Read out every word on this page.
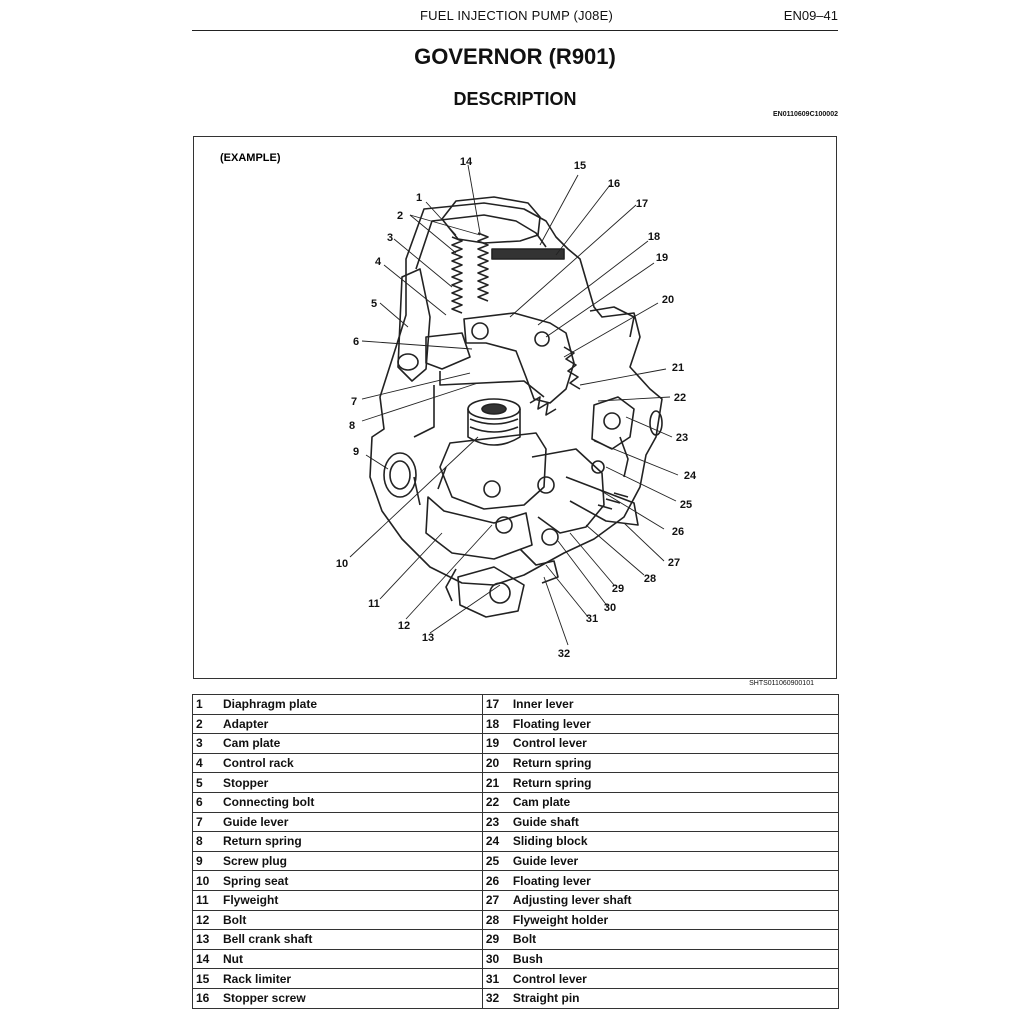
FUEL INJECTION PUMP (J08E)	EN09–41
GOVERNOR (R901)
DESCRIPTION
EN0110609C100002
(EXAMPLE)
1
2
3
4
5
6
7
8
9
10
11
12
13
14	15
16
17
18
19
20
21
22
23
24
25
26
27
28
29
30
31
32
SHTS011060900101
1	Diaphragm plate	17	Inner lever
2	Adapter	18	Floating lever
3	Cam plate	19	Control lever
4	Control rack	20	Return spring
5	Stopper	21	Return spring
6	Connecting bolt	22	Cam plate
7	Guide lever	23	Guide shaft
8	Return spring	24	Sliding block
9	Screw plug	25	Guide lever
10	Spring seat	26	Floating lever
11	Flyweight	27	Adjusting lever shaft
12	Bolt	28	Flyweight holder
13	Bell crank shaft	29	Bolt
14	Nut	30	Bush
15	Rack limiter	31	Control lever
16	Stopper screw	32	Straight pin
